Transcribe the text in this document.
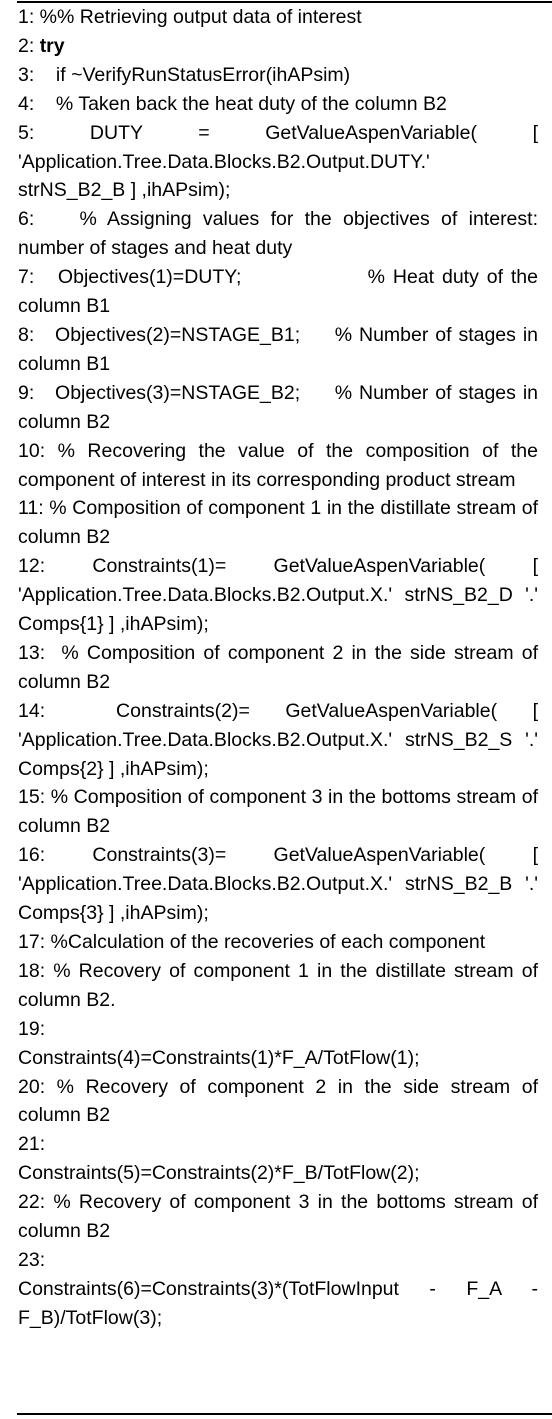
1: %% Retrieving output data of interest
2: try
3:    if ~VerifyRunStatusError(ihAPsim)
4:    % Taken back the heat duty of the column B2
5: DUTY = GetValueAspenVariable( [ 'Application.Tree.Data.Blocks.B2.Output.DUTY.' strNS_B2_B ] ,ihAPsim);
6:    % Assigning values for the objectives of interest: number of stages and heat duty
7:   Objectives(1)=DUTY;                % Heat duty of the column B1
8:   Objectives(2)=NSTAGE_B1;     % Number of stages in column B1
9:   Objectives(3)=NSTAGE_B2;     % Number of stages in column B2
10: % Recovering the value of the composition of the component of interest in its corresponding product stream
11: % Composition of component 1 in the distillate stream of column B2
12: Constraints(1)= GetValueAspenVariable( [ 'Application.Tree.Data.Blocks.B2.Output.X.' strNS_B2_D '.' Comps{1} ] ,ihAPsim);
13:  % Composition of component 2 in the side stream of column B2
14:  Constraints(2)= GetValueAspenVariable( [ 'Application.Tree.Data.Blocks.B2.Output.X.' strNS_B2_S '.' Comps{2} ] ,ihAPsim);
15: % Composition of component 3 in the bottoms stream of column B2
16: Constraints(3)= GetValueAspenVariable( [ 'Application.Tree.Data.Blocks.B2.Output.X.' strNS_B2_B '.' Comps{3} ] ,ihAPsim);
17: %Calculation of the recoveries of each component
18: % Recovery of component 1 in the distillate stream of column B2.
19:
Constraints(4)=Constraints(1)*F_A/TotFlow(1);
20: % Recovery of component 2 in the side stream of column B2
21:
Constraints(5)=Constraints(2)*F_B/TotFlow(2);
22: % Recovery of component 3 in the bottoms stream of column B2
23:
Constraints(6)=Constraints(3)*(TotFlowInput - F_A - F_B)/TotFlow(3);
